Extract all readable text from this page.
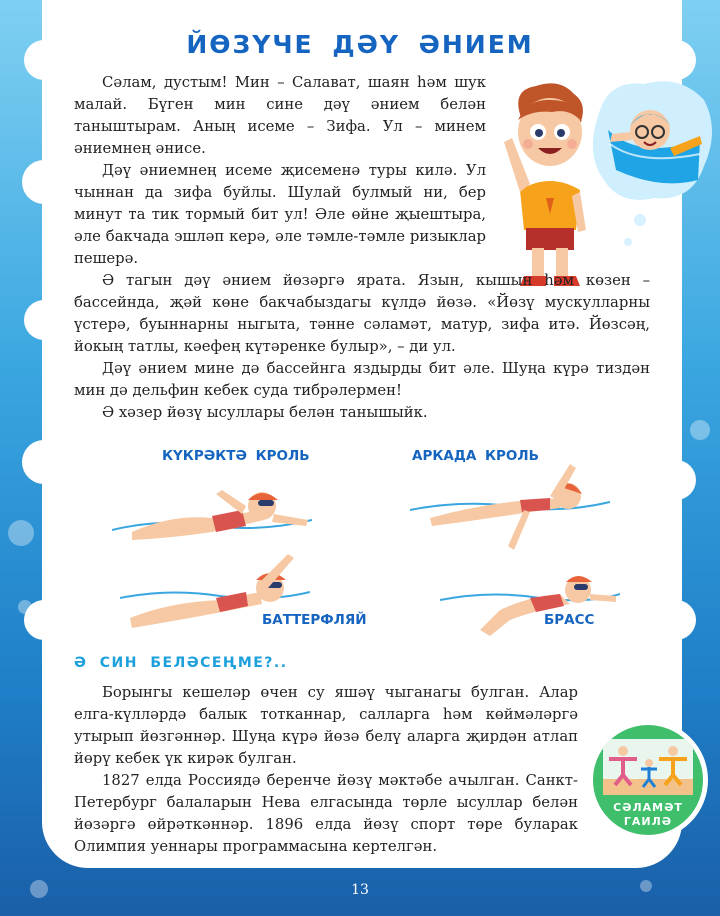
ЙӨЗҮЧЕ ДӘҮ ӘНИЕМ

Сәлам, дустым! Мин – Салават, шаян һәм шук малай. Бүген мин сине дәү әнием белән таныштырам. Аның исеме – Зифа. Ул – минем әниемнең әнисе.

Дәү әниемнең исеме җисеменә туры килә. Ул чыннан да зифа буйлы. Шулай булмый ни, бер минут та тик тормый бит ул! Әле өйне җыештыра, әле бакчада эшләп керә, әле тәмле-тәмле ризыклар пешерә.

Ә тагын дәү әнием йөзәргә ярата. Язын, кышын һәм көзен – бассейнда, җәй көне бакчабыздагы күлдә йөзә. «Йөзү мускулларны үстерә, буыннарны ныгыта, тәнне сәламәт, матур, зифа итә. Йөзсәң, йокың татлы, кәефең күтәренке булыр», – ди ул.

Дәү әнием мине дә бассейнга яздырды бит әле. Шуңа күрә тиздән мин дә дельфин кебек суда тибрәлермен!

Ә хәзер йөзү ысуллары белән танышыйк.

КҮКРӘКТӘ КРОЛЬ	АРКАДА КРОЛЬ
БАТТЕРФЛЯЙ	БРАСС
Ә СИН БЕЛӘСЕҢМЕ?..

Борынгы кешеләр өчен су яшәү чыганагы булган. Алар елга-күлләрдә балык тотканнар, салларга һәм көймәләргә утырып йөзгәннәр. Шуңа күрә йөзә белү аларга җирдән атлап йөрү кебек үк кирәк булган.

1827 елда Россиядә беренче йөзү мәктәбе ачылган. Санкт-Петербург балаларын Нева елгасында төрле ысуллар белән йөзәргә өйрәткәннәр. 1896 елда йөзү спорт төре буларак Олимпия уеннары программасына кертелгән.

СӘЛАМӘТ
ГАИЛӘ
13
